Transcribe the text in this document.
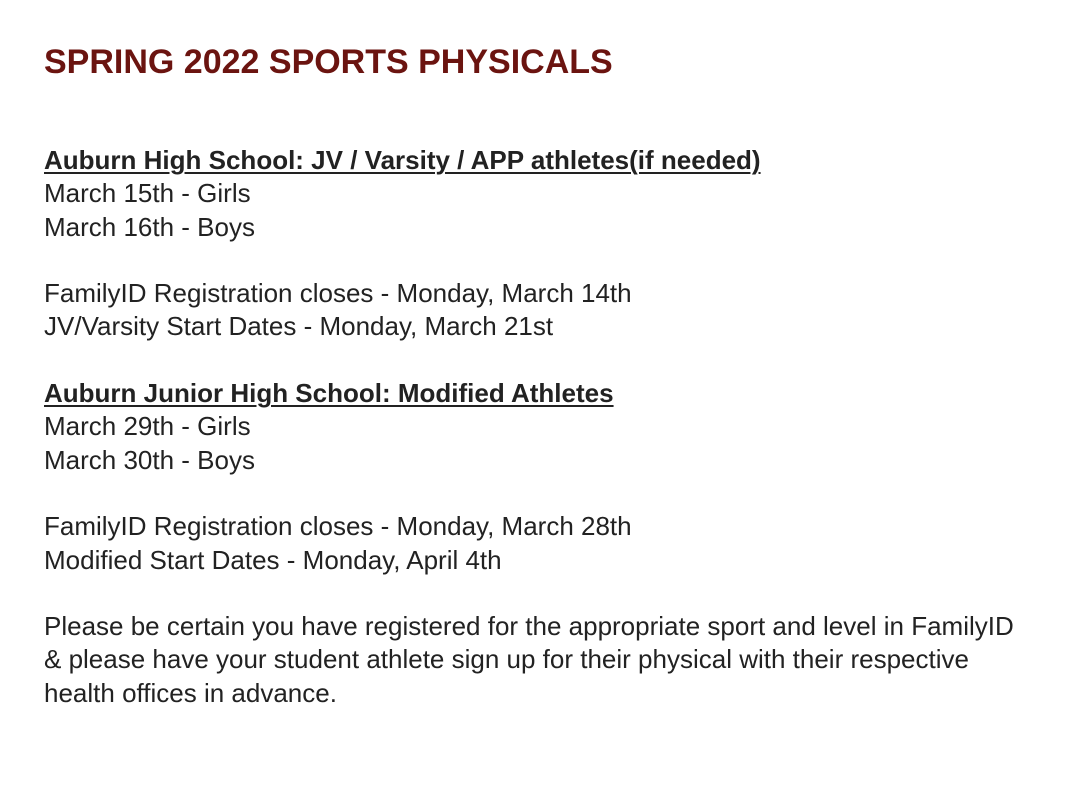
SPRING 2022 SPORTS PHYSICALS
Auburn High School: JV / Varsity / APP athletes(if needed)
March 15th - Girls
March 16th - Boys
FamilyID Registration closes - Monday, March 14th
JV/Varsity Start Dates - Monday, March 21st
Auburn Junior High School: Modified Athletes
March 29th - Girls
March 30th - Boys
FamilyID Registration closes - Monday, March 28th
Modified Start Dates - Monday, April 4th
Please be certain you have registered for the appropriate sport and level in FamilyID & please have your student athlete sign up for their physical with their respective health offices in advance.
